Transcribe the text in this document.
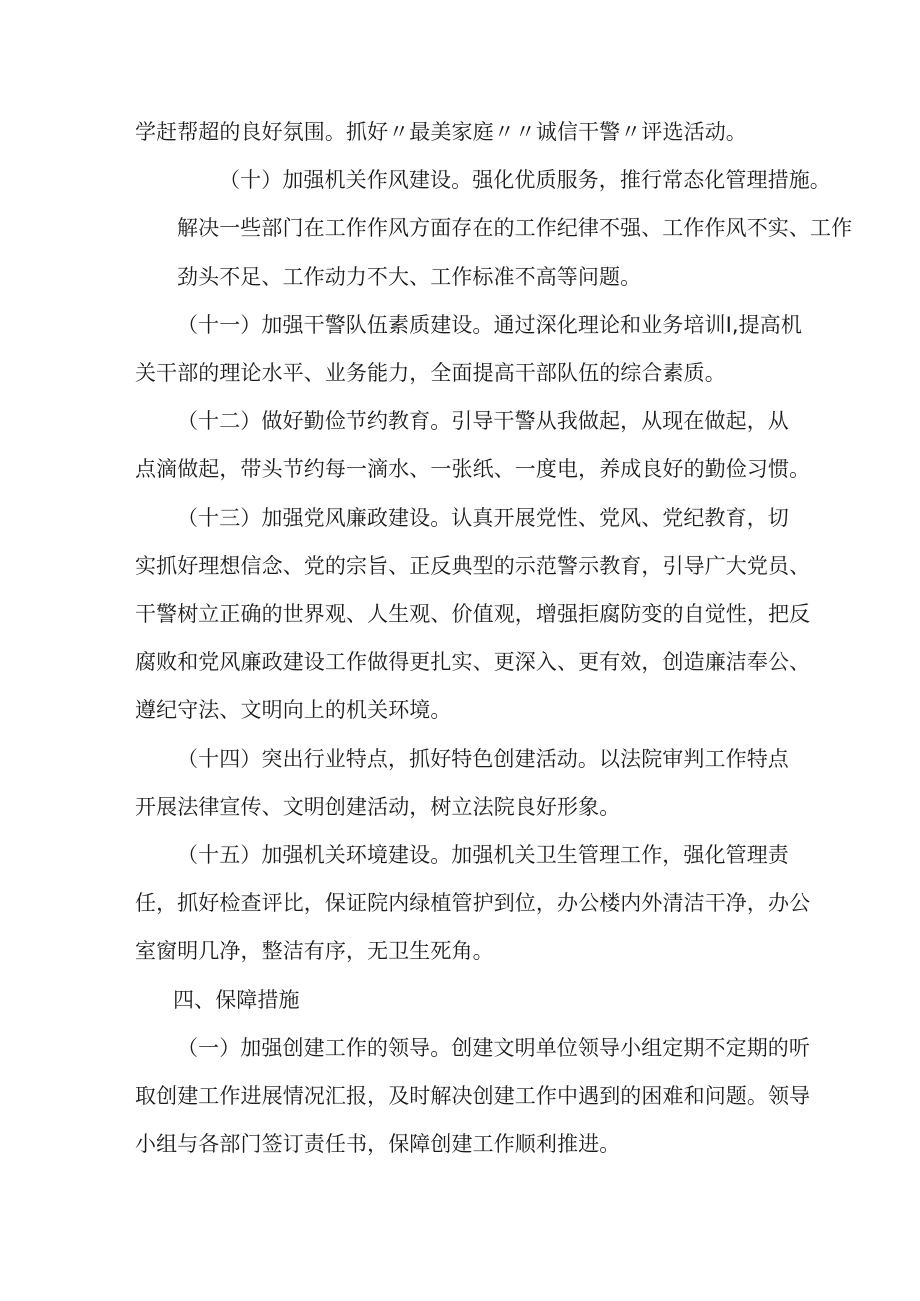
学赶帮超的良好氛围。抓好〃最美家庭〃〃诚信干警〃评选活动。

（十）加强机关作风建设。强化优质服务，推行常态化管理措施。
解决一些部门在工作作风方面存在的工作纪律不强、工作作风不实、工作
劲头不足、工作动力不大、工作标准不高等问题。

（十一）加强干警队伍素质建设。通过深化理论和业务培训Ⅰ,提高机
关干部的理论水平、业务能力，全面提高干部队伍的综合素质。

（十二）做好勤俭节约教育。引导干警从我做起，从现在做起，从
点滴做起，带头节约每一滴水、一张纸、一度电，养成良好的勤俭习惯。

（十三）加强党风廉政建设。认真开展党性、党风、党纪教育，切
实抓好理想信念、党的宗旨、正反典型的示范警示教育，引导广大党员、
干警树立正确的世界观、人生观、价值观，增强拒腐防变的自觉性，把反
腐败和党风廉政建设工作做得更扎实、更深入、更有效，创造廉洁奉公、
遵纪守法、文明向上的机关环境。

（十四）突出行业特点，抓好特色创建活动。以法院审判工作特点
开展法律宣传、文明创建活动，树立法院良好形象。

（十五）加强机关环境建设。加强机关卫生管理工作，强化管理责
任，抓好检查评比，保证院内绿植管护到位，办公楼内外清洁干净，办公
室窗明几净，整洁有序，无卫生死角。

四、保障措施

（一）加强创建工作的领导。创建文明单位领导小组定期不定期的听
取创建工作进展情况汇报，及时解决创建工作中遇到的困难和问题。领导
小组与各部门签订责任书，保障创建工作顺利推进。
